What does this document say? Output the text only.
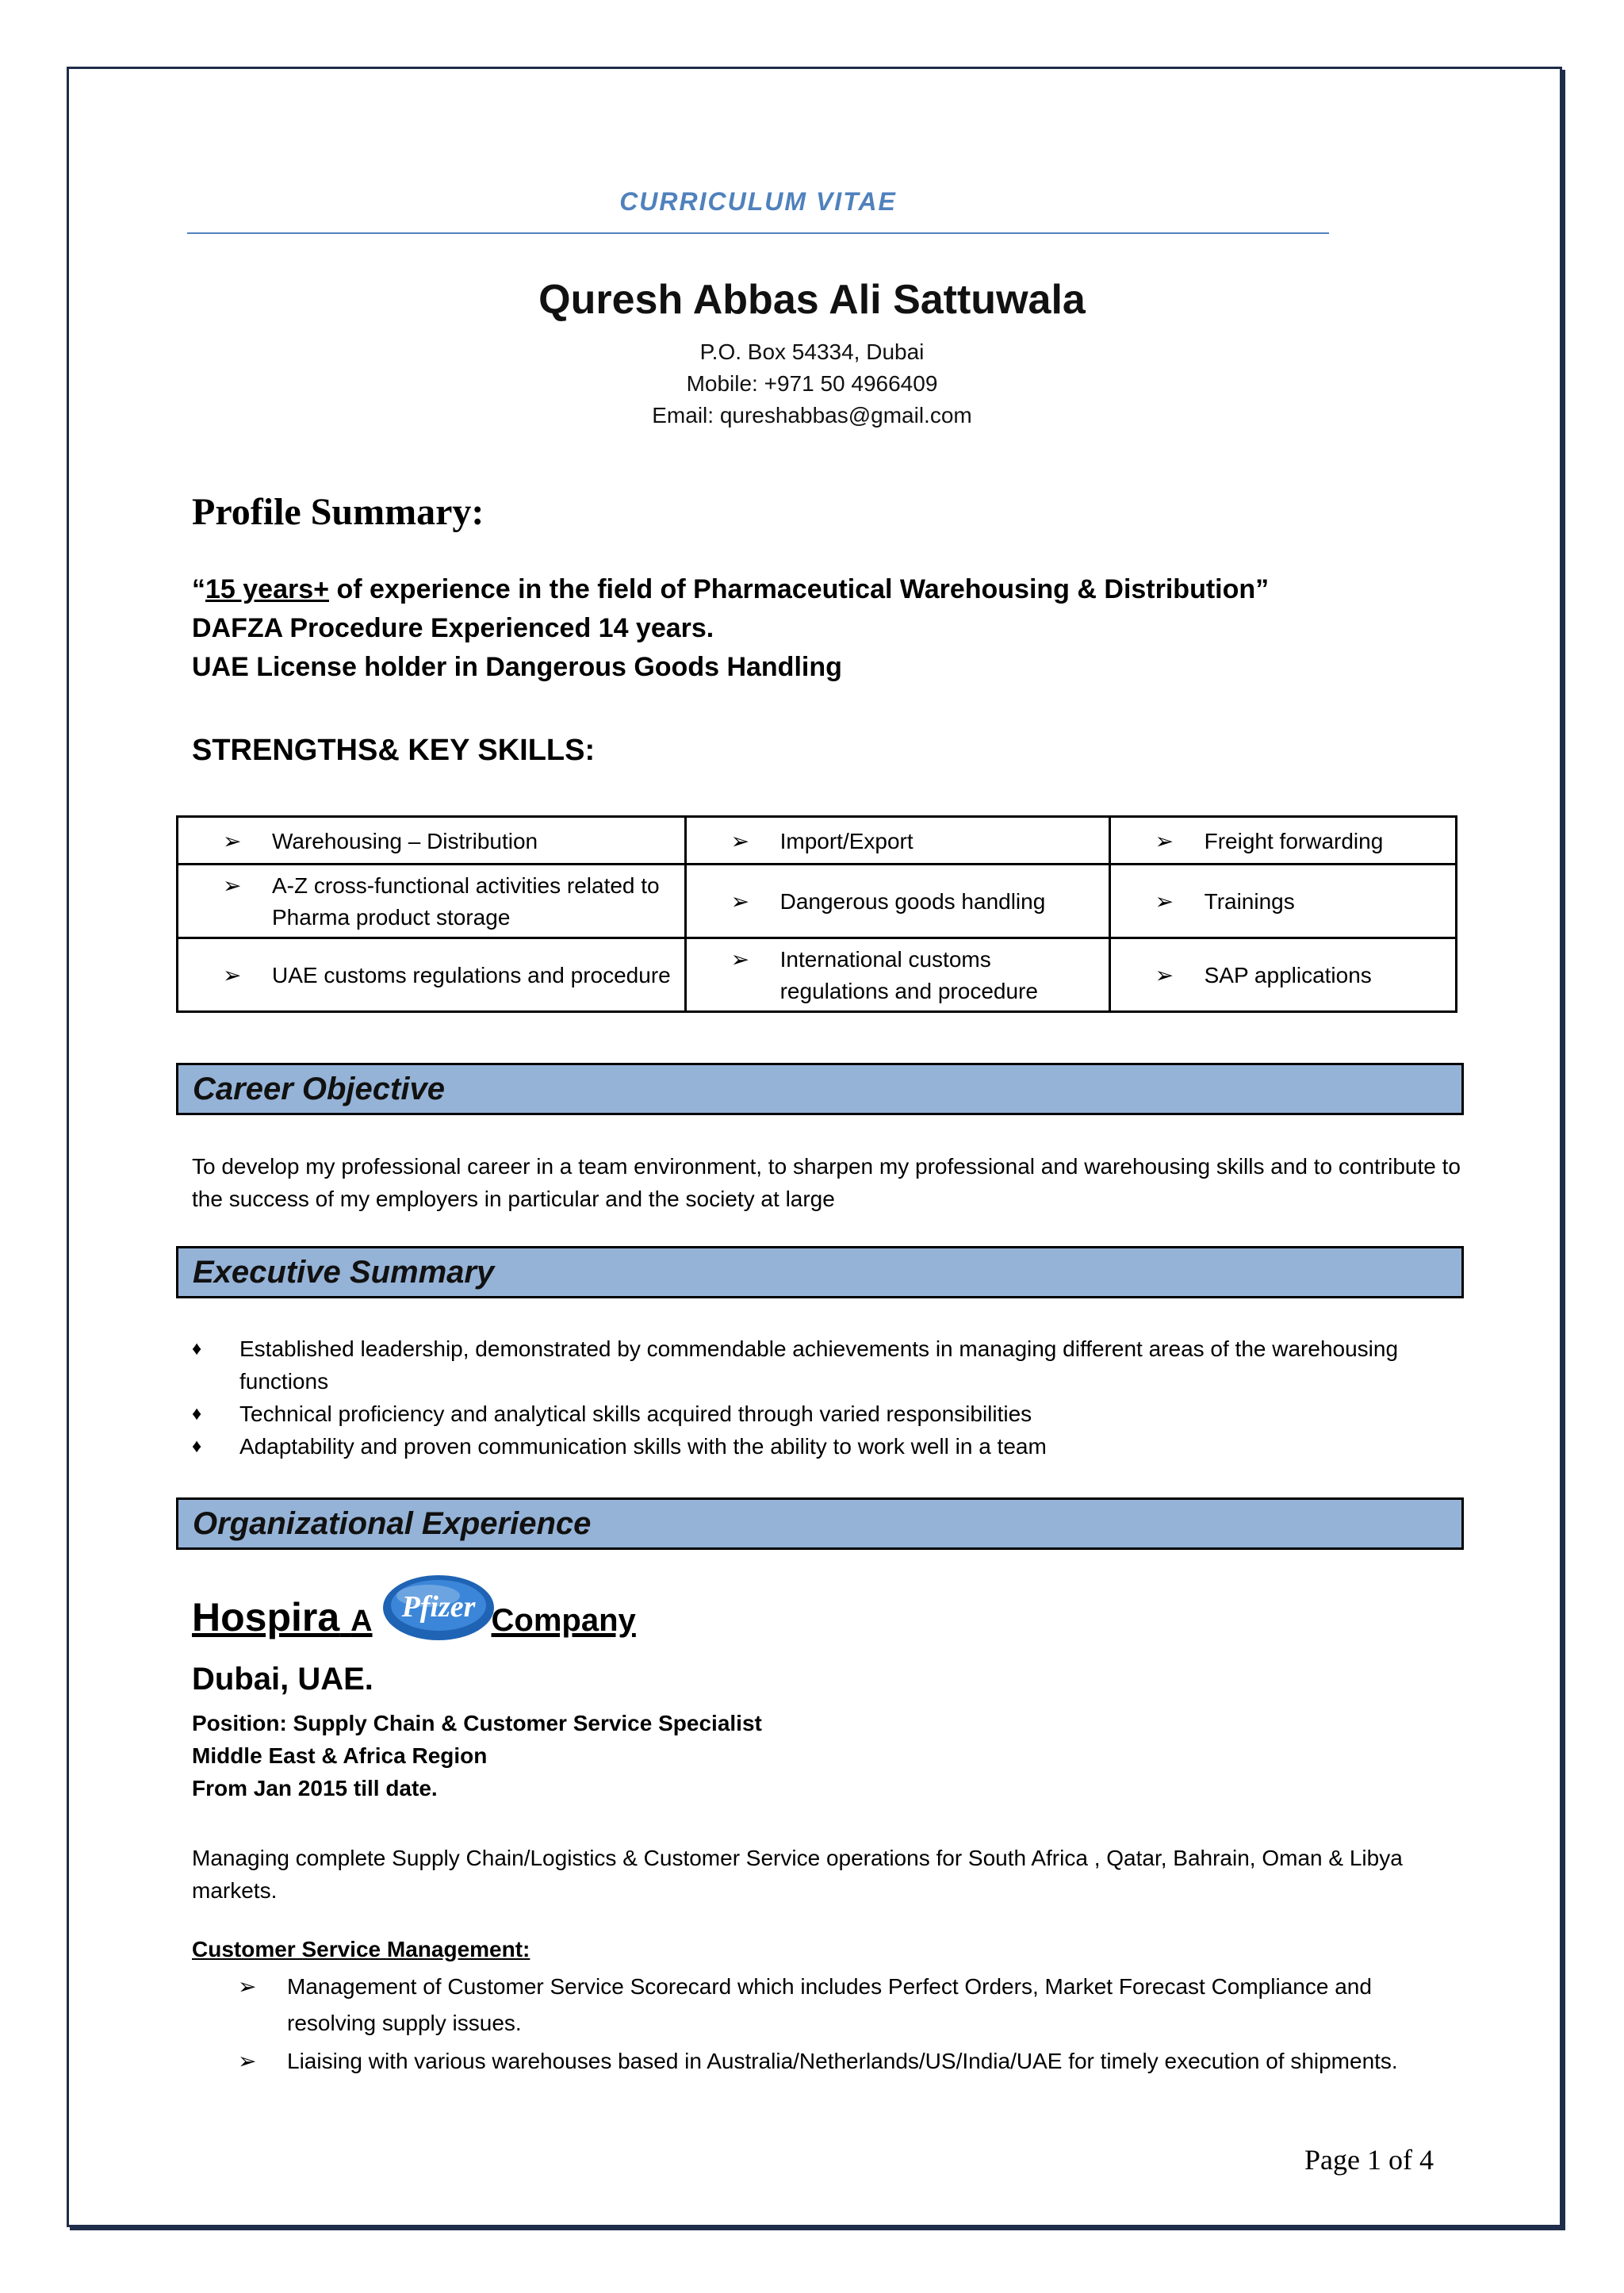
CURRICULUM VITAE
Quresh Abbas Ali Sattuwala
P.O. Box 54334, Dubai
Mobile: +971 50 4966409
Email: qureshabbas@gmail.com
Profile Summary:
“15 years+ of experience in the field of Pharmaceutical Warehousing & Distribution”
DAFZA Procedure Experienced 14 years.
UAE License holder in Dangerous Goods Handling
STRENGTHS& KEY SKILLS:
➢ Warehousing – Distribution	➢ Import/Export	➢ Freight forwarding

➢ A-Z cross-functional activities related to Pharma product storage	➢ Dangerous goods handling	➢ Trainings

➢ UAE customs regulations and procedure	➢ International customs regulations and procedure	➢ SAP applications
Career Objective
To develop my professional career in a team environment, to sharpen my professional and warehousing skills and to contribute to the success of my employers in particular and the society at large
Executive Summary
♦	Established leadership, demonstrated by commendable achievements in managing different areas of the warehousing functions
♦	Technical proficiency and analytical skills acquired through varied responsibilities
♦	Adaptability and proven communication skills with the ability to work well in a team
Organizational Experience
Hospira A	Company
Pfizer
Dubai, UAE.
Position: Supply Chain & Customer Service Specialist
Middle East & Africa Region
From Jan 2015 till date.
Managing complete Supply Chain/Logistics & Customer Service operations for South Africa , Qatar, Bahrain, Oman & Libya markets.
Customer Service Management:
➢	Management of Customer Service Scorecard which includes Perfect Orders, Market Forecast Compliance and resolving supply issues.
➢	Liaising with various warehouses based in Australia/Netherlands/US/India/UAE for timely execution of shipments.
Page 1 of 4
